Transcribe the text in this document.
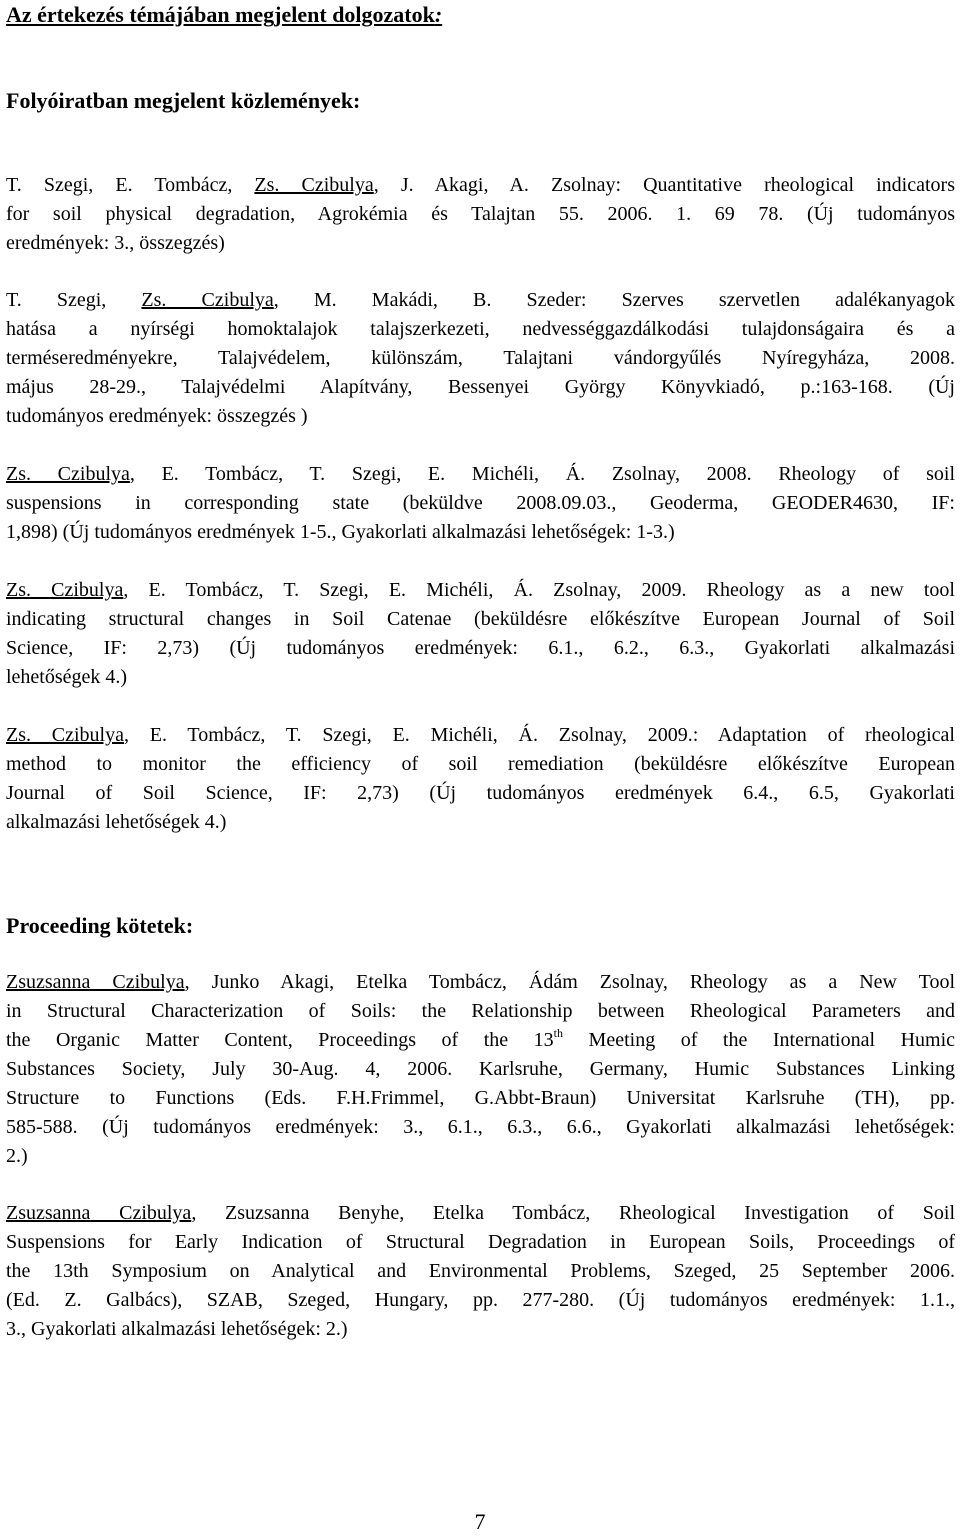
Az értekezés témájában megjelent dolgozatok:
Folyóiratban megjelent közlemények:
T. Szegi, E. Tombácz, Zs. Czibulya, J. Akagi, A. Zsolnay: Quantitative rheological indicators
for soil physical degradation, Agrokémia és Talajtan 55. 2006. 1. 69 78. (Új tudományos
eredmények: 3., összegzés)
T. Szegi, Zs. Czibulya, M. Makádi, B. Szeder: Szerves szervetlen adalékanyagok
hatása a nyírségi homoktalajok talajszerkezeti, nedvességgazdálkodási tulajdonságaira és a
terméseredményekre, Talajvédelem, különszám, Talajtani vándorgyűlés Nyíregyháza, 2008.
május 28-29., Talajvédelmi Alapítvány, Bessenyei György Könyvkiadó, p.:163-168. (Új
tudományos eredmények: összegzés )
Zs. Czibulya, E. Tombácz, T. Szegi, E. Michéli, Á. Zsolnay, 2008. Rheology of soil
suspensions in corresponding state (beküldve 2008.09.03., Geoderma, GEODER4630, IF:
1,898) (Új tudományos eredmények 1-5., Gyakorlati alkalmazási lehetőségek: 1-3.)
Zs. Czibulya, E. Tombácz, T. Szegi, E. Michéli, Á. Zsolnay, 2009. Rheology as a new tool
indicating structural changes in Soil Catenae (beküldésre előkészítve European Journal of Soil
Science, IF: 2,73) (Új tudományos eredmények: 6.1., 6.2., 6.3., Gyakorlati alkalmazási
lehetőségek 4.)
Zs. Czibulya, E. Tombácz, T. Szegi, E. Michéli, Á. Zsolnay, 2009.: Adaptation of rheological
method to monitor the efficiency of soil remediation (beküldésre előkészítve European
Journal of Soil Science, IF: 2,73) (Új tudományos eredmények 6.4., 6.5, Gyakorlati
alkalmazási lehetőségek 4.)
Proceeding kötetek:
Zsuzsanna Czibulya, Junko Akagi, Etelka Tombácz, Ádám Zsolnay, Rheology as a New Tool
in Structural Characterization of Soils: the Relationship between Rheological Parameters and
the Organic Matter Content, Proceedings of the 13th Meeting of the International Humic
Substances Society, July 30-Aug. 4, 2006. Karlsruhe, Germany, Humic Substances Linking
Structure to Functions (Eds. F.H.Frimmel, G.Abbt-Braun) Universitat Karlsruhe (TH), pp.
585-588. (Új tudományos eredmények: 3., 6.1., 6.3., 6.6., Gyakorlati alkalmazási lehetőségek:
2.)
Zsuzsanna Czibulya, Zsuzsanna Benyhe, Etelka Tombácz, Rheological Investigation of Soil
Suspensions for Early Indication of Structural Degradation in European Soils, Proceedings of
the 13th Symposium on Analytical and Environmental Problems, Szeged, 25 September 2006.
(Ed. Z. Galbács), SZAB, Szeged, Hungary, pp. 277-280. (Új tudományos eredmények: 1.1.,
3., Gyakorlati alkalmazási lehetőségek: 2.)
7
